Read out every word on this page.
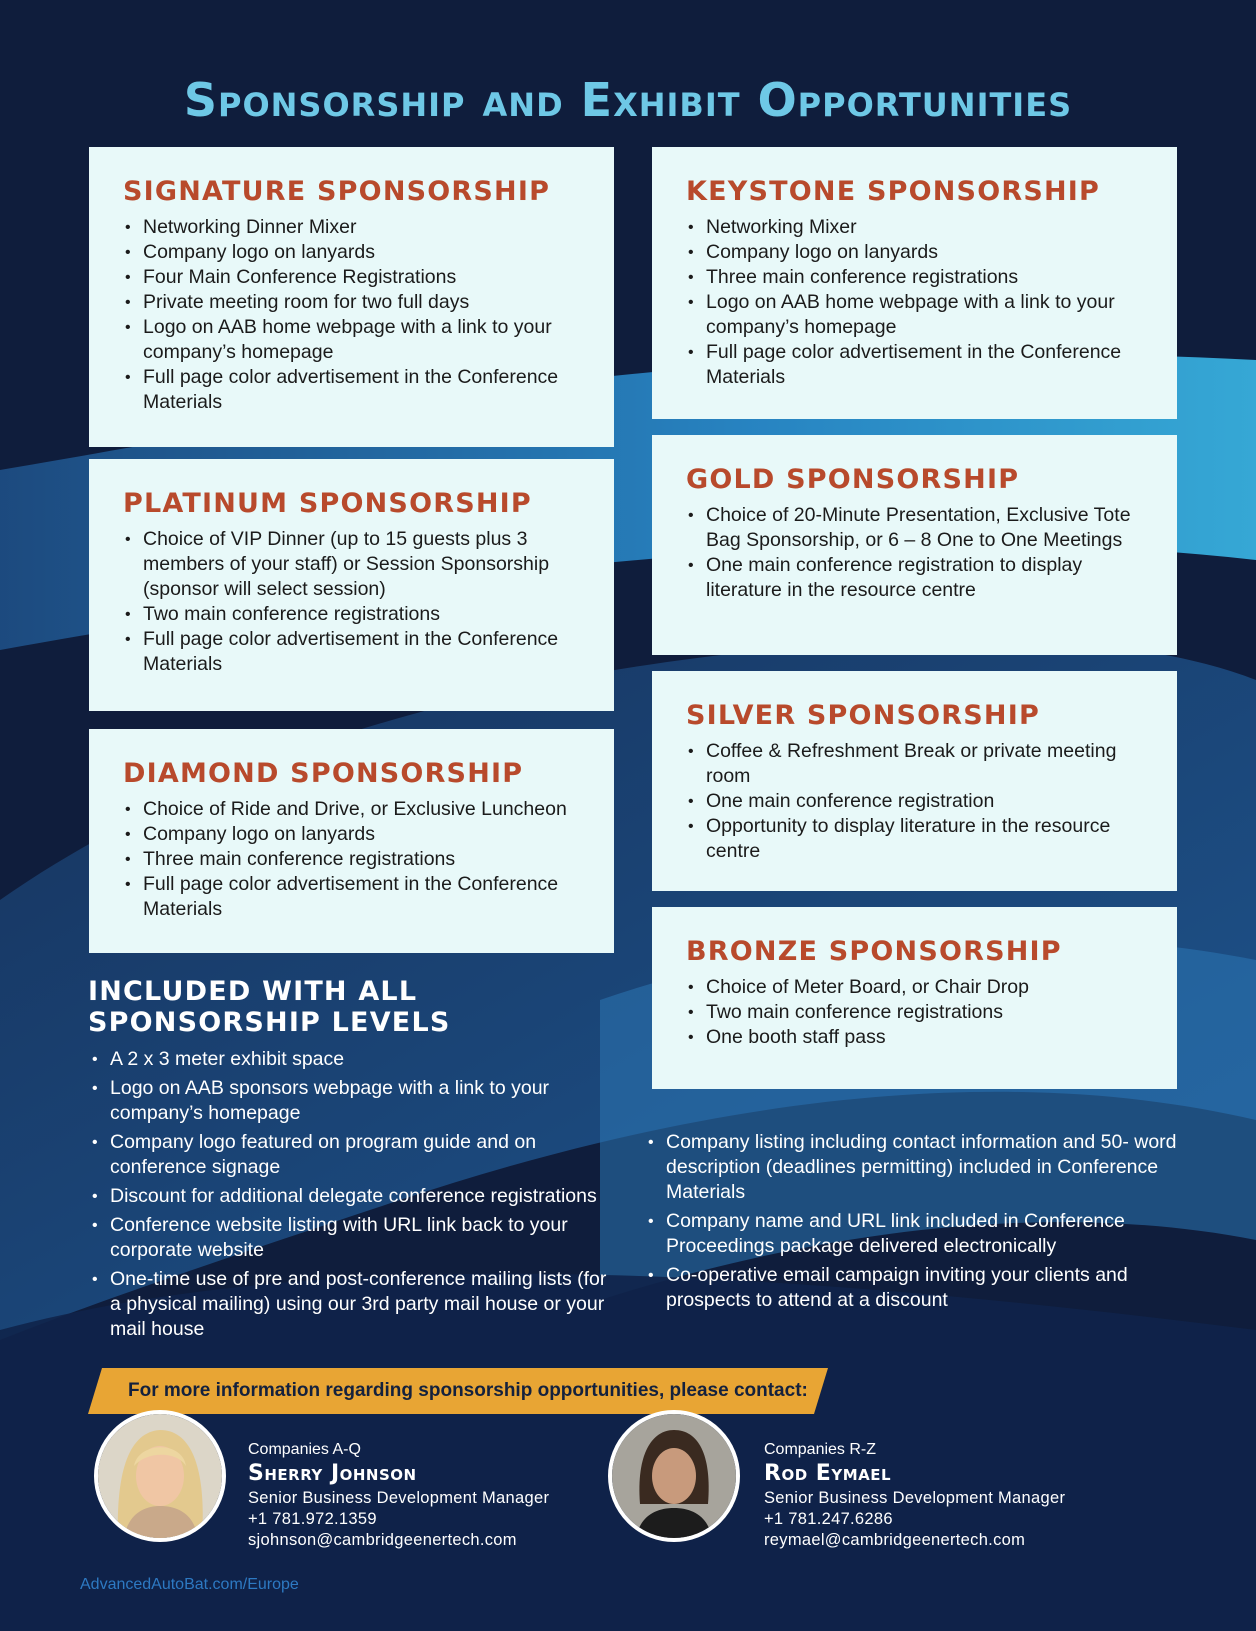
Sponsorship and Exhibit Opportunities
SIGNATURE SPONSORSHIP
• Networking Dinner Mixer
• Company logo on lanyards
• Four Main Conference Registrations
• Private meeting room for two full days
• Logo on AAB home webpage with a link to your company’s homepage
• Full page color advertisement in the Conference Materials
KEYSTONE SPONSORSHIP
• Networking Mixer
• Company logo on lanyards
• Three main conference registrations
• Logo on AAB home webpage with a link to your company’s homepage
• Full page color advertisement in the Conference Materials
PLATINUM SPONSORSHIP
• Choice of VIP Dinner (up to 15 guests plus 3 members of your staff) or Session Sponsorship (sponsor will select session)
• Two main conference registrations
• Full page color advertisement in the Conference Materials
GOLD SPONSORSHIP
• Choice of 20-Minute Presentation, Exclusive Tote Bag Sponsorship, or 6 – 8 One to One Meetings
• One main conference registration to display literature in the resource centre
DIAMOND SPONSORSHIP
• Choice of Ride and Drive, or Exclusive Luncheon
• Company logo on lanyards
• Three main conference registrations
• Full page color advertisement in the Conference Materials
SILVER SPONSORSHIP
• Coffee & Refreshment Break or private meeting room
• One main conference registration
• Opportunity to display literature in the resource centre
BRONZE SPONSORSHIP
• Choice of Meter Board, or Chair Drop
• Two main conference registrations
• One booth staff pass
INCLUDED WITH ALL SPONSORSHIP LEVELS
• A 2 x 3 meter exhibit space
• Logo on AAB sponsors webpage with a link to your company’s homepage
• Company logo featured on program guide and on conference signage
• Discount for additional delegate conference registrations
• Conference website listing with URL link back to your corporate website
• One-time use of pre and post-conference mailing lists (for a physical mailing) using our 3rd party mail house or your mail house
• Company listing including contact information and 50- word description (deadlines permitting) included in Conference Materials
• Company name and URL link included in Conference Proceedings package delivered electronically
• Co-operative email campaign inviting your clients and prospects to attend at a discount
For more information regarding sponsorship opportunities, please contact:
Companies A-Q
Sherry Johnson
Senior Business Development Manager
+1 781.972.1359
sjohnson@cambridgeenertech.com
Companies R-Z
Rod Eymael
Senior Business Development Manager
+1 781.247.6286
reymael@cambridgeenertech.com
AdvancedAutoBat.com/Europe
